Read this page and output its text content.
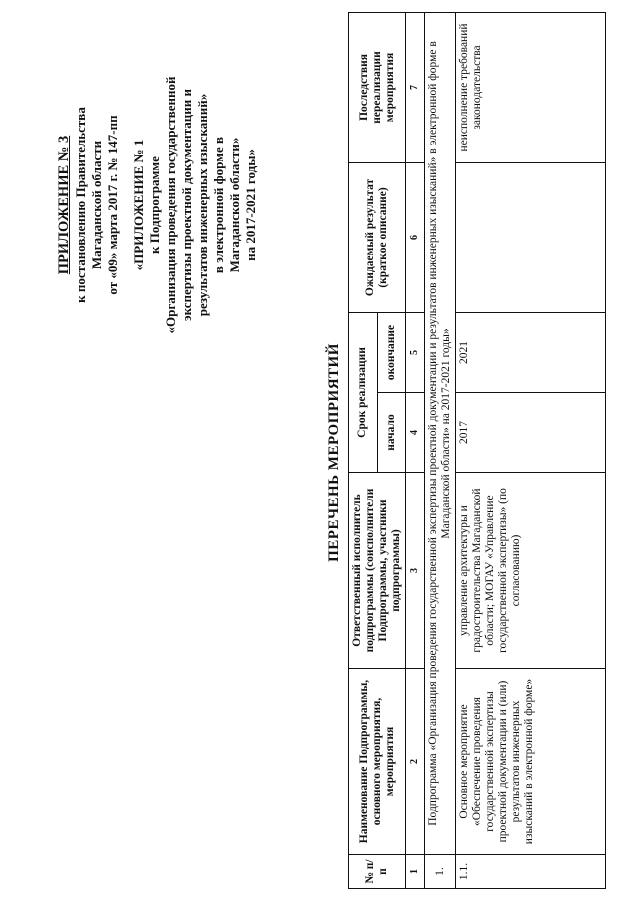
ПРИЛОЖЕНИЕ № 3 к постановлению Правительства Магаданской области от «09» марта 2017 г. № 147-пп «ПРИЛОЖЕНИЕ № 1 к Подпрограмме «Организация проведения государственной экспертизы проектной документации и результатов инженерных изысканий» в электронной форме в Магаданской области» на 2017-2021 годы»
ПЕРЕЧЕНЬ МЕРОПРИЯТИЙ
№ п/п	Наименование Подпрограммы, основного мероприятия, мероприятия	Ответственный исполнитель подпрограммы (соисполнители Подпрограммы, участники подпрограммы)	Срок реализации		Ожидаемый результат (краткое описание)	Последствия нереализации мероприятия
			начало	окончание		
1	2	3	4	5	6	7
1.	Подпрограмма «Организация проведения государственной экспертизы проектной документации и результатов инженерных изысканий» в электронной форме в Магаданской области» на 2017-2021 годы»					
1.1.	Основное мероприятие «Обеспечение проведения государственной экспертизы проектной документации и (или) результатов инженерных изысканий в электронной форме»	управление архитектуры и градостроительства Магаданской области; МОГАУ «Управление государственной экспертизы» (по согласованию)	2017	2021		неисполнение требований законодательства
